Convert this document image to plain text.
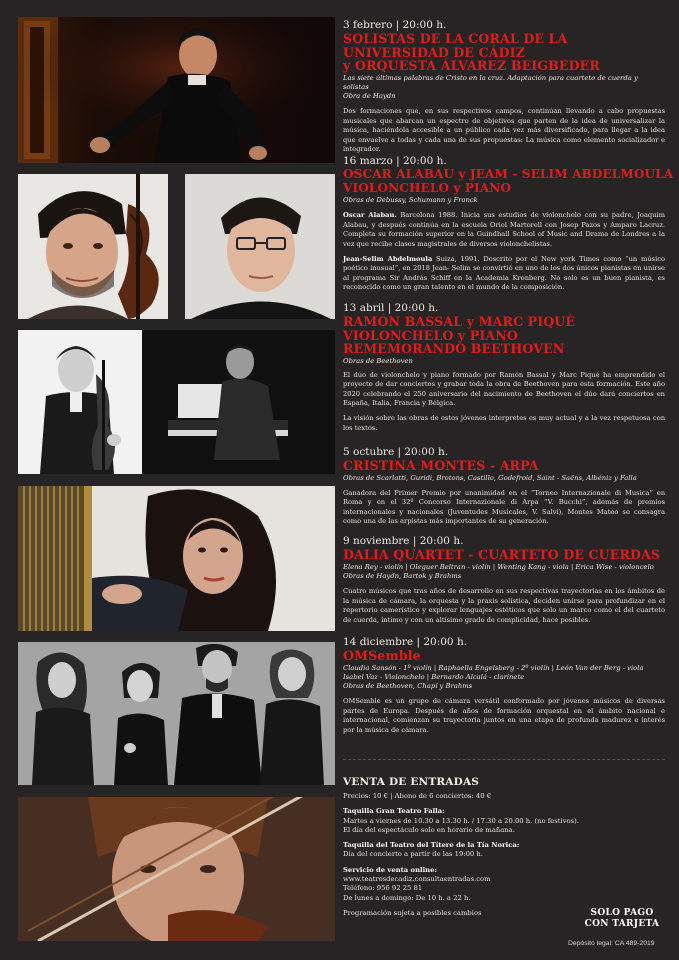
3 febrero | 20:00 h.
SOLISTAS DE LA CORAL DE LA
UNIVERSIDAD DE CÁDIZ
y ORQUESTA ÁLVAREZ BEIGBEDER
Las siete últimas palabras de Cristo en la cruz. Adaptación para cuarteto de cuerda y solistas
Obra de Haydn
Dos formaciones que, en sus respectivos campos, continúan llevando a cabo propuestas musicales que abarcan un espectro de objetivos que parten de la idea de universalizar la música, haciéndola accesible a un público cada vez más diversificado, para llegar a la idea que envuelve a todas y cada una de sus propuestas: La música como elemento socializador e integrador.
16 marzo | 20:00 h.
OSCAR ALABAU y JEAM - SELIM ABDELMOULA
VIOLONCHELO y PIANO
Obras de Debussy, Schumann y Franck
Oscar Alabau. Barcelona 1988. Inicia sus estudios de violonchelo con su padre, Joaquim Alabau, y después continúa en la escuela Oriol Martorell con Josep Pazos y Amparo Lacruz. Completa su formación superior en la Guindhall School of Music and Drama de Londres a la vez que recibe clases magistrales de diversos violonchelistas.
Jean-Selim Abdelmoula Suiza, 1991. Descrito por el New york Times como “un músico poético inusual”, en 2018 Jean- Selim se convirtió en uno de los dos únicos pianistas en unirse al programa Sir András Schiff en la Academia Kronberg. No solo es un buen pianista, es reconocido como un gran talento en el mundo de la composición.
13 abril | 20:00 h.
RAMÓN BASSAL y MARC PIQUÉ
VIOLONCHELO y PIANO
REMEMORANDO BEETHOVEN
Obras de Beethoven
El dúo de violonchelo y piano formado por Ramón Bassal y Marc Piqué ha emprendido el proyecto de dar conciertos y grabar toda la obra de Beethoven para esta formación. Este año 2020 celebrando el 250 aniversario del nacimiento de Beethoven el dúo dará conciertos en España, Italia, Francia y Bélgica.
La visión sobre las obras de estos jóvenes interpretes es muy actual y a la vez respetuosa con los textos.
5 octubre | 20:00 h.
CRISTINA MONTES - ARPA
Obras de Scarlatti, Guridi, Brotons, Castillo, Godefroid, Saint - Saëns, Albéniz y Falla
Ganadora del Primer Premio por unanimidad en el “Torneo Internazionale di Musica” en Roma y en el 32º Concorso Internazionale di Arpa “V. Bucchi”, además de premios internacionales y nacionales (Juventudes Musicales, V. Salvi), Montes Mateo se consagra como una de las arpistas más importantes de su generación.
9 noviembre | 20:00 h.
DALIA QUARTET - CUARTETO DE CUERDAS
Elena Rey - violín | Oleguer Beltran - violín | Wenting Kang - viola | Erica Wise - violoncelo
Obras de Haydn, Bartok y Brahms
Cuatro músicos que tras años de desarrollo en sus respectivas trayectorias en los ámbitos de la música de cámara, la orquesta y la praxis solística, deciden unirse para profundizar en el repertorio camerístico y explorar lenguajes estéticos que solo un marco como el del cuarteto de cuerda, íntimo y con un altísimo grado de complicidad, hace posibles.
14 diciembre | 20:00 h.
OMSemble
Claudia Sansón - 1º violín | Raphaella Engelsberg - 2º violín | León Van der Berg - viola
Isabel Vaz - Violonchelo | Bernardo Alcalá - clarinete
Obras de Beethoven, Chapí y Brahms
OMSemble es un grupo de cámara versátil conformado por jóvenes músicos de diversas partes de Europa. Después de años de formación orquestal en el ámbito nacional e internacional, comienzan su trayectoria juntos en una etapa de profunda madurez e interés por la música de cámara.
VENTA DE ENTRADAS
Precios: 10 € | Abono de 6 conciertos: 40 €
Taquilla Gran Teatro Falla:
Martes a viernes de 10.30 a 13.30 h. / 17.30 a 20.00 h. (no festivos).
El día del espectáculo solo en horario de mañana.
Taquilla del Teatro del Títere de la Tía Norica:
Día del concierto a partir de las 19:00 h.
Servicio de venta online:
www.teatrosdecadiz.consultaentradas.com
Teléfono: 956 92 25 81
De lunes a domingo: De 10 h. a 22 h.
Programación sujeta a posibles cambios	SOLO PAGO
CON TARJETA
Depósito legal: CA 489-2019
